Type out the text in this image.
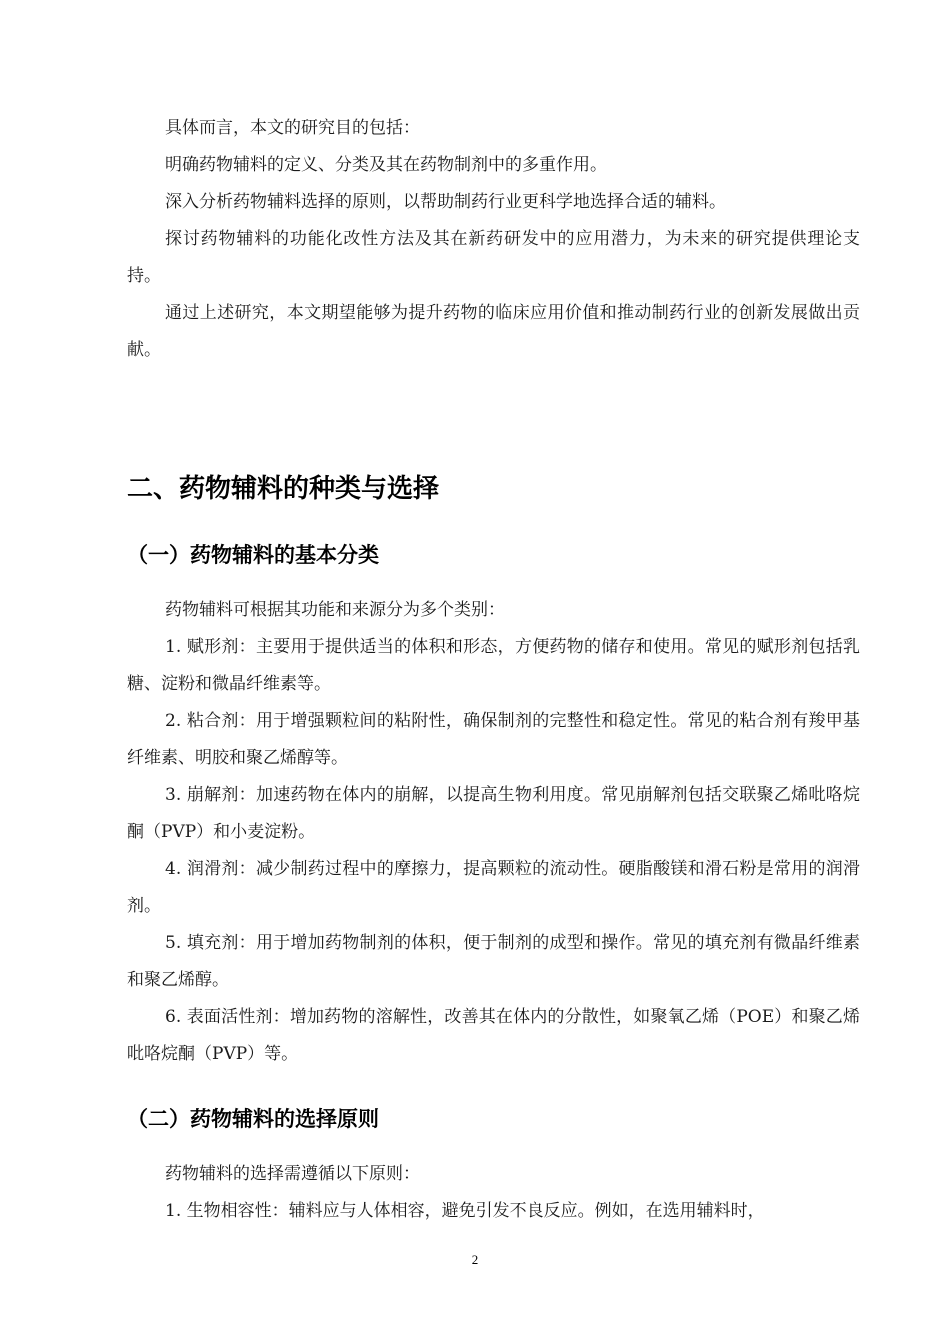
具体而言，本文的研究目的包括：

明确药物辅料的定义、分类及其在药物制剂中的多重作用。

深入分析药物辅料选择的原则，以帮助制药行业更科学地选择合适的辅料。

探讨药物辅料的功能化改性方法及其在新药研发中的应用潜力，为未来的研究提供理论支持。

通过上述研究，本文期望能够为提升药物的临床应用价值和推动制药行业的创新发展做出贡献。

二、药物辅料的种类与选择
（一）药物辅料的基本分类

药物辅料可根据其功能和来源分为多个类别：

1. 赋形剂：主要用于提供适当的体积和形态，方便药物的储存和使用。常见的赋形剂包括乳糖、淀粉和微晶纤维素等。

2. 粘合剂：用于增强颗粒间的粘附性，确保制剂的完整性和稳定性。常见的粘合剂有羧甲基纤维素、明胶和聚乙烯醇等。

3. 崩解剂：加速药物在体内的崩解，以提高生物利用度。常见崩解剂包括交联聚乙烯吡咯烷酮（PVP）和小麦淀粉。

4. 润滑剂：减少制药过程中的摩擦力，提高颗粒的流动性。硬脂酸镁和滑石粉是常用的润滑剂。

5. 填充剂：用于增加药物制剂的体积，便于制剂的成型和操作。常见的填充剂有微晶纤维素和聚乙烯醇。

6. 表面活性剂：增加药物的溶解性，改善其在体内的分散性，如聚氧乙烯（POE）和聚乙烯吡咯烷酮（PVP）等。

（二）药物辅料的选择原则

药物辅料的选择需遵循以下原则：

1. 生物相容性：辅料应与人体相容，避免引发不良反应。例如，在选用辅料时，

2
